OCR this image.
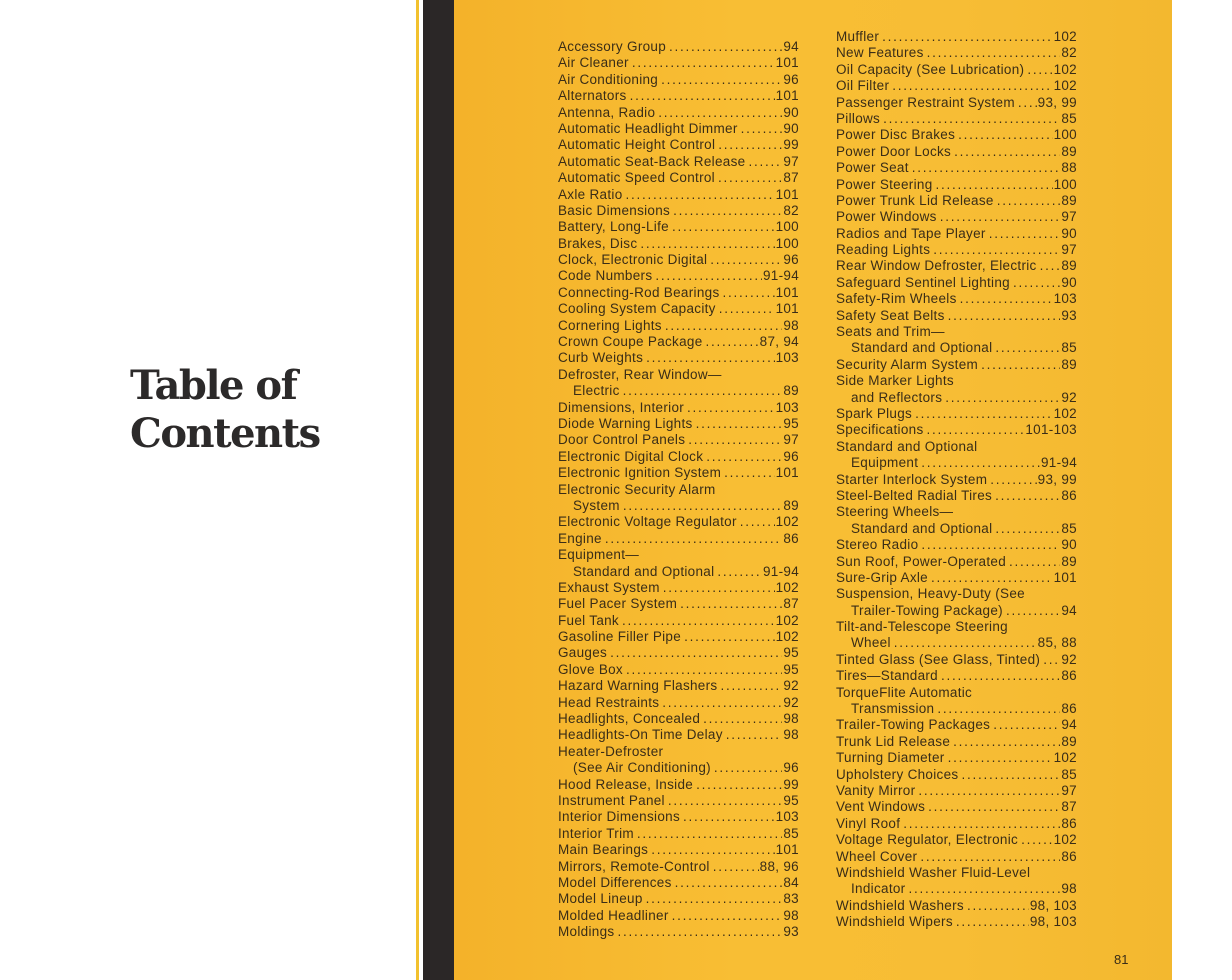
Table of
Contents
Accessory Group . . .	94
Air Cleaner . . .	101
Air Conditioning . . .	96
Alternators . . .	101
Antenna, Radio . . .	90
Automatic Headlight Dimmer . . .	90
Automatic Height Control . . .	99
Automatic Seat-Back Release . . .	97
Automatic Speed Control . . .	87
Axle Ratio . . .	101
Basic Dimensions . . .	82
Battery, Long-Life . . .	100
Brakes, Disc . . .	100
Clock, Electronic Digital . . .	96
Code Numbers . . .	91-94
Connecting-Rod Bearings . . .	101
Cooling System Capacity . . .	101
Cornering Lights . . .	98
Crown Coupe Package . . .	87, 94
Curb Weights . . .	103
Defroster, Rear Window—
Electric . . .	89
Dimensions, Interior . . .	103
Diode Warning Lights . . .	95
Door Control Panels . . .	97
Electronic Digital Clock . . .	96
Electronic Ignition System . . .	101
Electronic Security Alarm
System . . .	89
Electronic Voltage Regulator . . .	102
Engine . . .	86
Equipment—
Standard and Optional . . .	91-94
Exhaust System . . .	102
Fuel Pacer System . . .	87
Fuel Tank . . .	102
Gasoline Filler Pipe . . .	102
Gauges . . .	95
Glove Box . . .	95
Hazard Warning Flashers . . .	92
Head Restraints . . .	92
Headlights, Concealed . . .	98
Headlights-On Time Delay . . .	98
Heater-Defroster
(See Air Conditioning) . . .	96
Hood Release, Inside . . .	99
Instrument Panel . . .	95
Interior Dimensions . . .	103
Interior Trim . . .	85
Main Bearings . . .	101
Mirrors, Remote-Control . . .	88, 96
Model Differences . . .	84
Model Lineup . . .	83
Molded Headliner . . .	98
Moldings . . .	93
Muffler . . .	102
New Features . . .	82
Oil Capacity (See Lubrication) . . . 102
Oil Filter . . .	102
Passenger Restraint System . . . 93, 99
Pillows . . .	85
Power Disc Brakes . . .	100
Power Door Locks . . .	89
Power Seat . . .	88
Power Steering . . .	100
Power Trunk Lid Release . . .	89
Power Windows . . .	97
Radios and Tape Player . . .	90
Reading Lights . . .	97
Rear Window Defroster, Electric . . . 89
Safeguard Sentinel Lighting . . .	90
Safety-Rim Wheels . . .	103
Safety Seat Belts . . .	93
Seats and Trim—
Standard and Optional . . .	85
Security Alarm System . . .	89
Side Marker Lights
and Reflectors . . .	92
Spark Plugs . . .	102
Specifications . . .	101-103
Standard and Optional
Equipment . . .	91-94
Starter Interlock System . . .	93, 99
Steel-Belted Radial Tires . . .	86
Steering Wheels—
Standard and Optional . . .	85
Stereo Radio . . .	90
Sun Roof, Power-Operated . . .	89
Sure-Grip Axle . . .	101
Suspension, Heavy-Duty (See
Trailer-Towing Package) . . .	94
Tilt-and-Telescope Steering
Wheel . . .	85, 88
Tinted Glass (See Glass, Tinted) . . . 92
Tires—Standard . . .	86
TorqueFlite Automatic
Transmission . . .	86
Trailer-Towing Packages . . .	94
Trunk Lid Release . . .	89
Turning Diameter . . .	102
Upholstery Choices . . .	85
Vanity Mirror . . .	97
Vent Windows . . .	87
Vinyl Roof . . .	86
Voltage Regulator, Electronic . . .	102
Wheel Cover . . .	86
Windshield Washer Fluid-Level
Indicator . . .	98
Windshield Washers . . .	98, 103
Windshield Wipers . . .	98, 103
81
